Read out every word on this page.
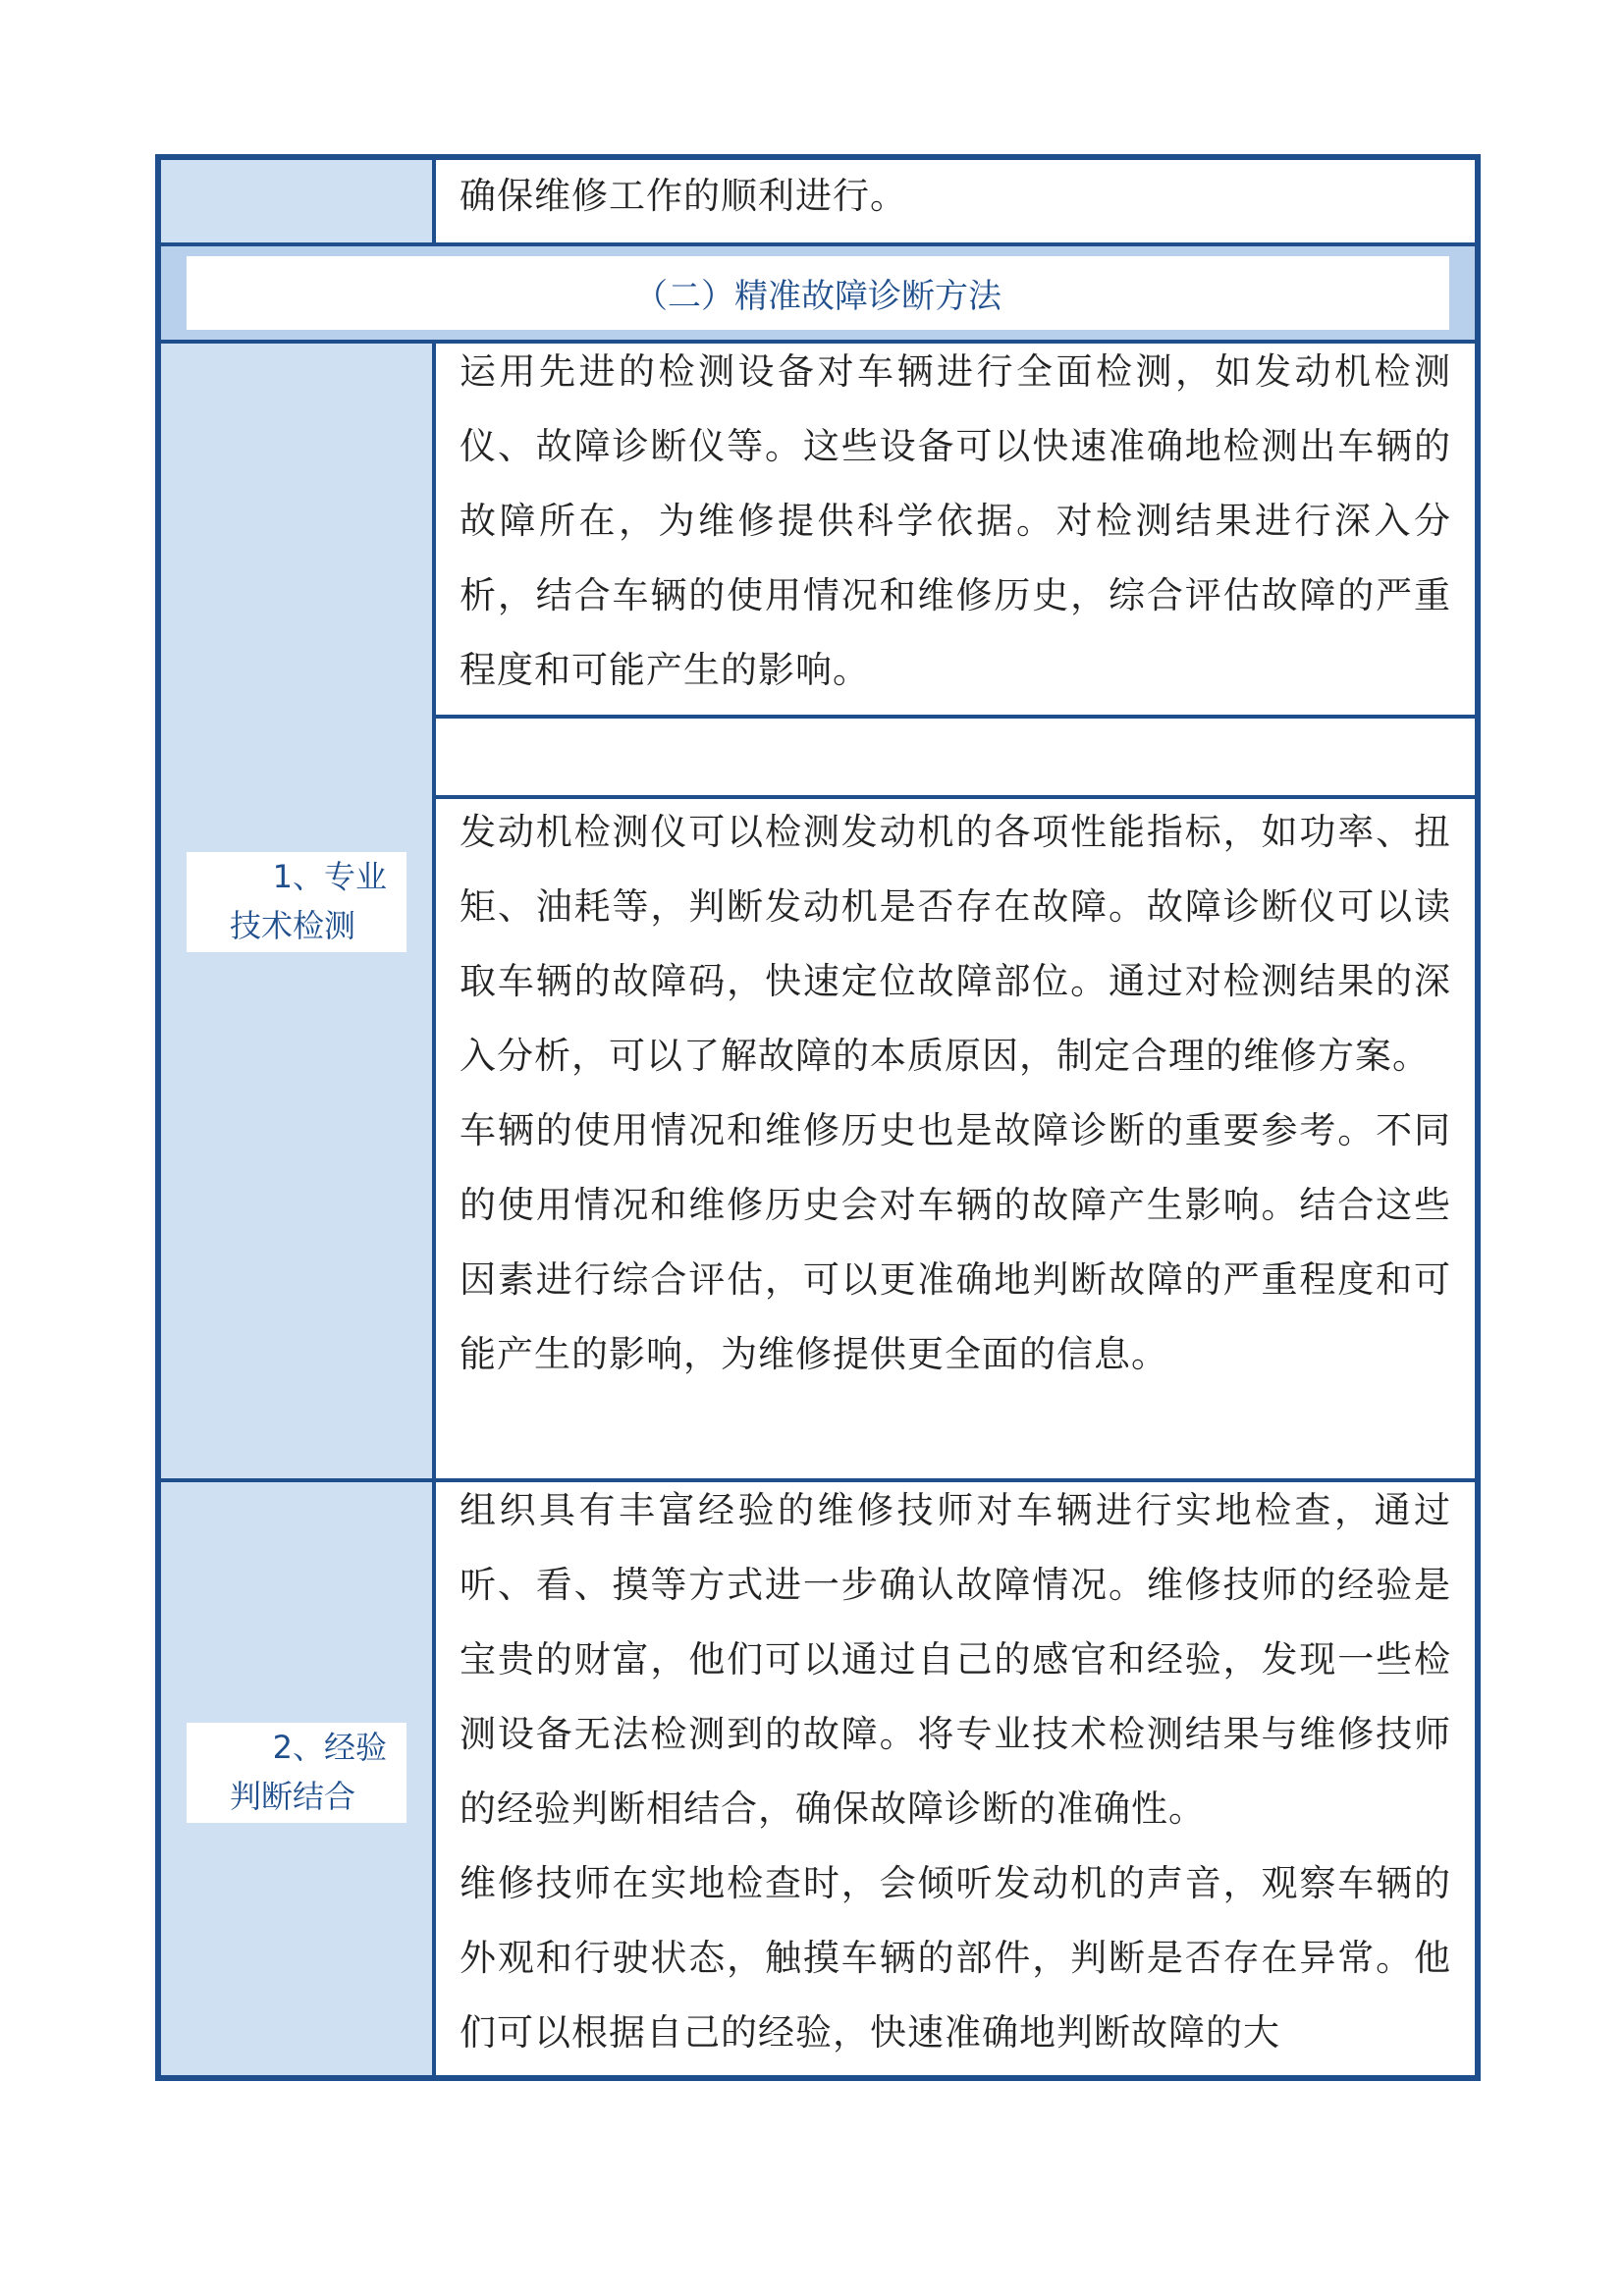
确保维修工作的顺利进行。
（二）精准故障诊断方法
1、专业
技术检测

运用先进的检测设备对车辆进行全面检测，如发动机检测仪、故障诊断仪等。这些设备可以快速准确地检测出车辆的故障所在，为维修提供科学依据。对检测结果进行深入分析，结合车辆的使用情况和维修历史，综合评估故障的严重程度和可能产生的影响。

发动机检测仪可以检测发动机的各项性能指标，如功率、扭矩、油耗等，判断发动机是否存在故障。故障诊断仪可以读取车辆的故障码，快速定位故障部位。通过对检测结果的深入分析，可以了解故障的本质原因，制定合理的维修方案。

车辆的使用情况和维修历史也是故障诊断的重要参考。不同的使用情况和维修历史会对车辆的故障产生影响。结合这些因素进行综合评估，可以更准确地判断故障的严重程度和可能产生的影响，为维修提供更全面的信息。

2、经验
判断结合

组织具有丰富经验的维修技师对车辆进行实地检查，通过听、看、摸等方式进一步确认故障情况。维修技师的经验是宝贵的财富，他们可以通过自己的感官和经验，发现一些检测设备无法检测到的故障。将专业技术检测结果与维修技师的经验判断相结合，确保故障诊断的准确性。

维修技师在实地检查时，会倾听发动机的声音，观察车辆的外观和行驶状态，触摸车辆的部件，判断是否存在异常。他们可以根据自己的经验，快速准确地判断故障的大
